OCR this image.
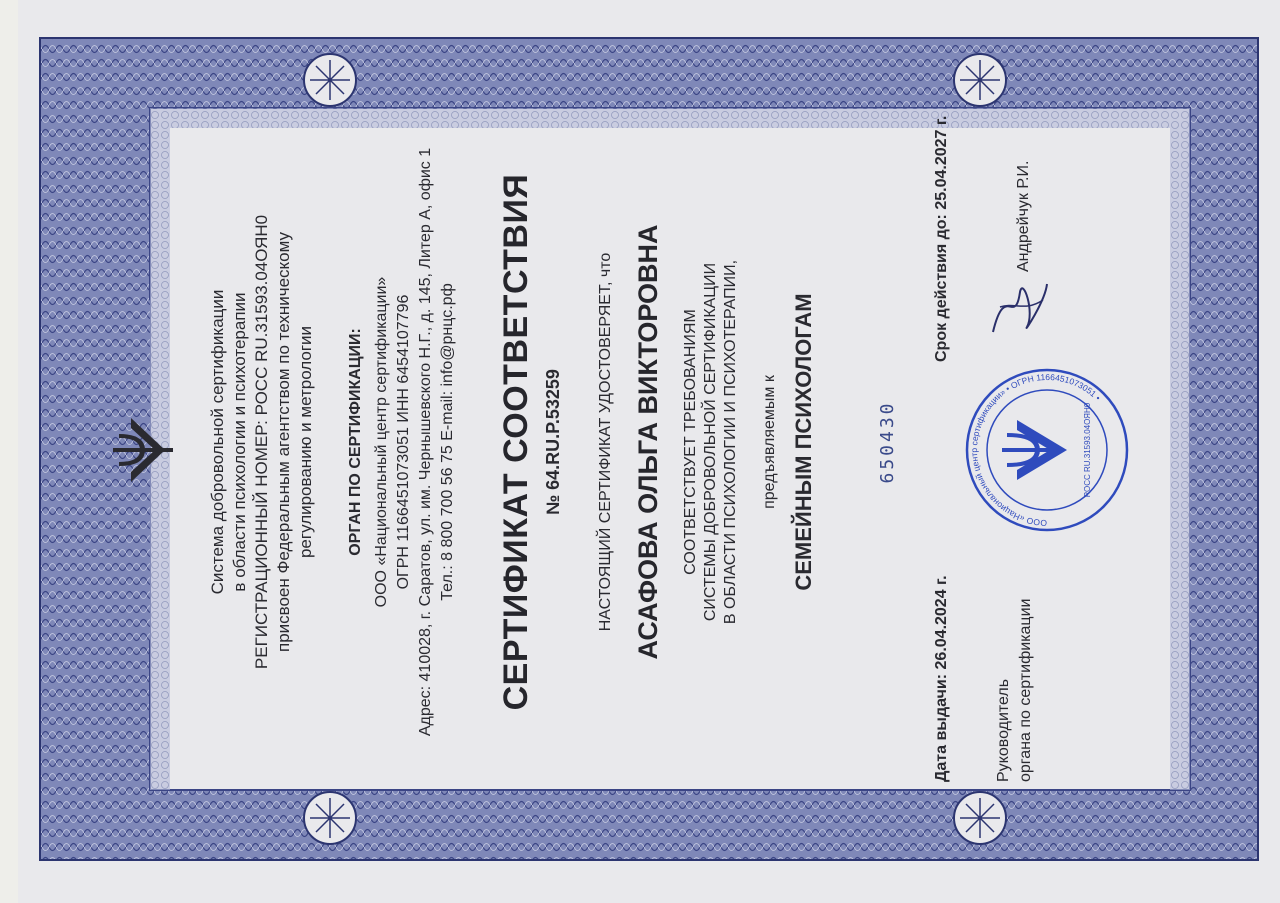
ООО «Национальный центр сертификации» • ОГРН 1166451073051 •
РОСС RU.31593.04ОЯН0
Система добровольной сертификации в области психологии и психотерапии РЕГИСТРАЦИОННЫЙ НОМЕР: РОСС RU.31593.04ОЯН0 присвоен Федеральным агентством по техническому регулированию и метрологии ОРГАН ПО СЕРТИФИКАЦИИ: ООО «Национальный центр сертификации» ОГРН 1166451073051 ИНН 6454107796 Адрес: 410028, г. Саратов, ул. им. Чернышевского Н.Г., д. 145, Литер А, офис 1 Тел.: 8 800 700 56 75 E-mail: info@рнцс.рф СЕРТИФИКАТ СООТВЕТСТВИЯ № 64.RU.P.53259 НАСТОЯЩИЙ СЕРТИФИКАТ УДОСТОВЕРЯЕТ, что АСАФОВА ОЛЬГА ВИКТОРОВНА СООТВЕТСТВУЕТ ТРЕБОВАНИЯМ СИСТЕМЫ ДОБРОВОЛЬНОЙ СЕРТИФИКАЦИИ В ОБЛАСТИ ПСИХОЛОГИИ И ПСИХОТЕРАПИИ, предъявляемым к СЕМЕЙНЫМ ПСИХОЛОГАМ	650430
Дата выдачи: 26.04.2024 г.
Срок действия до: 25.04.2027 г.
Руководитель органа по сертификации
Андрейчук Р.И.
